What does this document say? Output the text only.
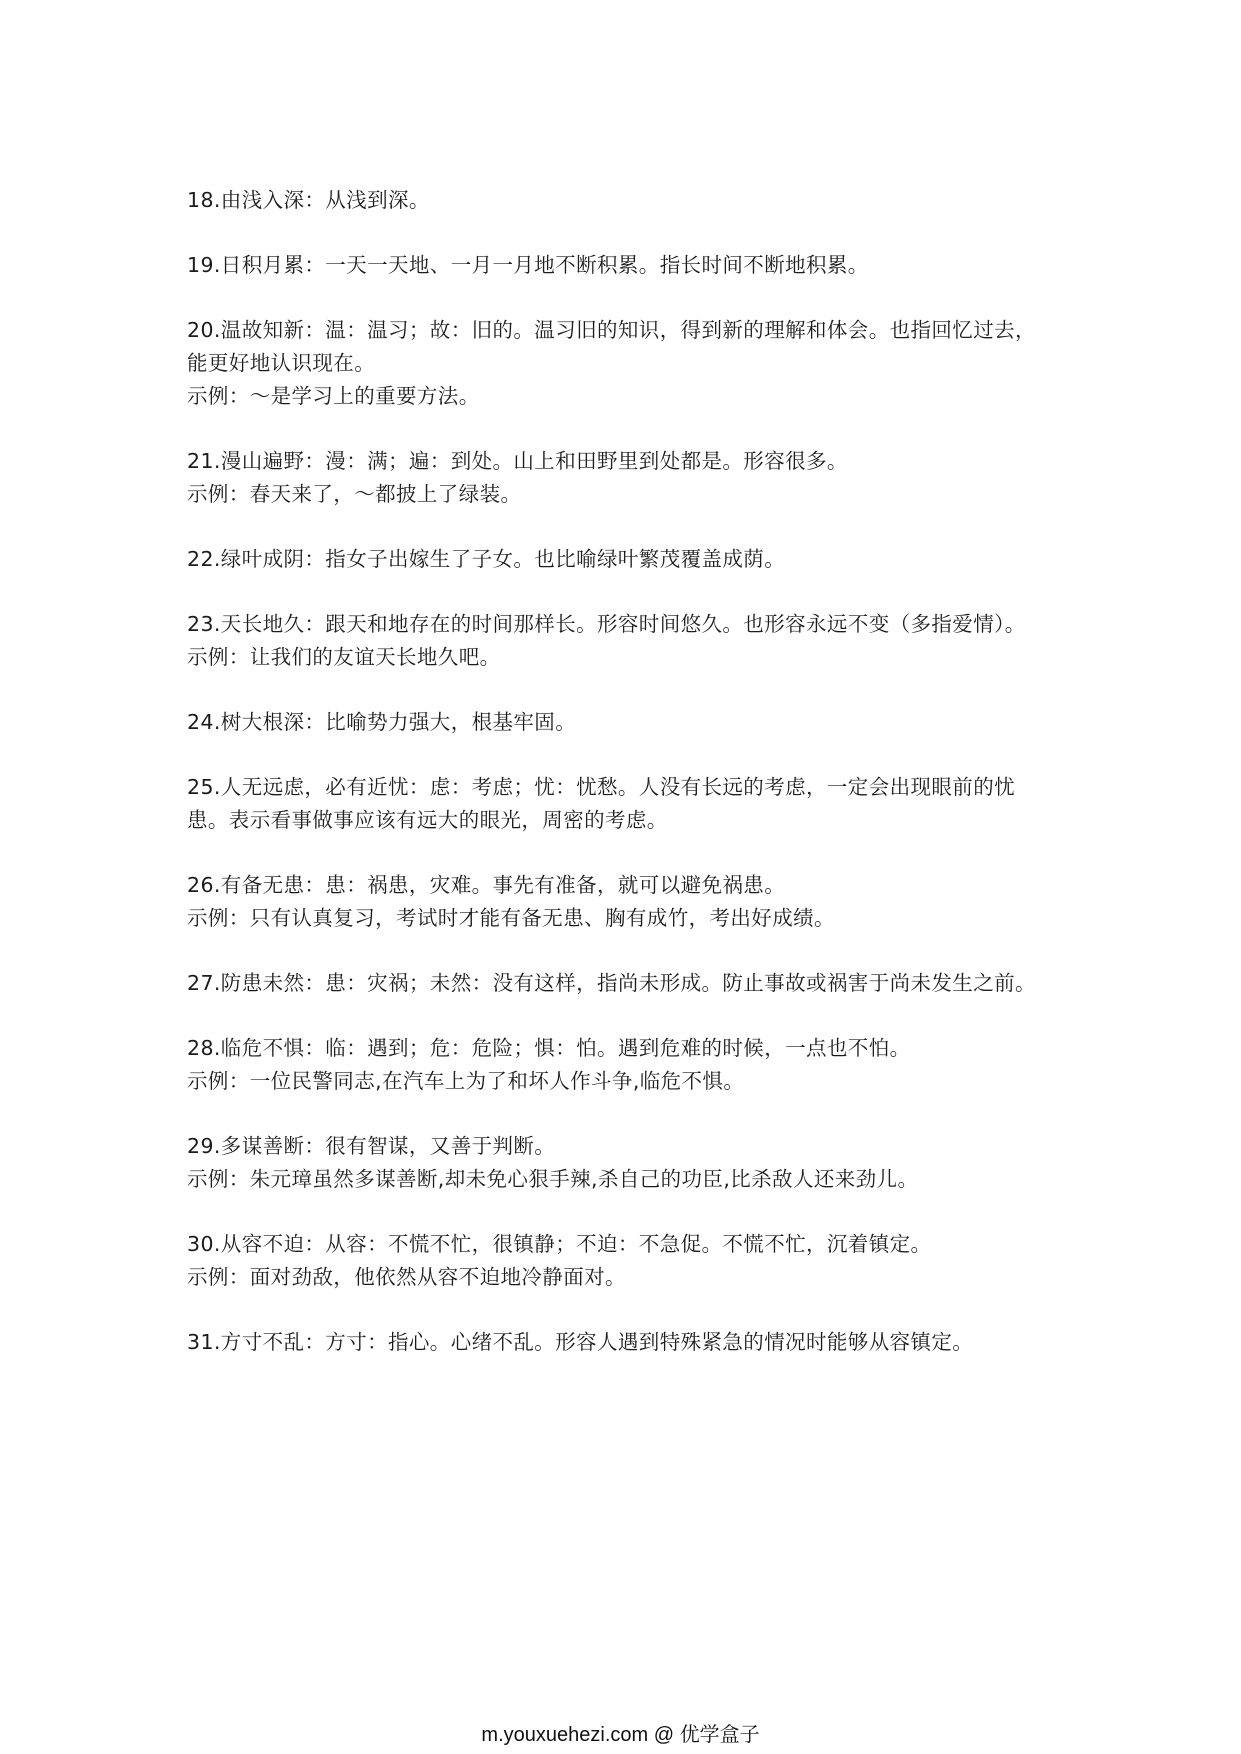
18.由浅入深：从浅到深。
19.日积月累：一天一天地、一月一月地不断积累。指长时间不断地积累。
20.温故知新：温：温习；故：旧的。温习旧的知识，得到新的理解和体会。也指回忆过去，
能更好地认识现在。
示例：～是学习上的重要方法。
21.漫山遍野：漫：满；遍：到处。山上和田野里到处都是。形容很多。
示例：春天来了，～都披上了绿装。
22.绿叶成阴：指女子出嫁生了子女。也比喻绿叶繁茂覆盖成荫。
23.天长地久：跟天和地存在的时间那样长。形容时间悠久。也形容永远不变（多指爱情）。
示例：让我们的友谊天长地久吧。
24.树大根深：比喻势力强大，根基牢固。
25.人无远虑，必有近忧：虑：考虑；忧：忧愁。人没有长远的考虑，一定会出现眼前的忧
患。表示看事做事应该有远大的眼光，周密的考虑。
26.有备无患：患：祸患，灾难。事先有准备，就可以避免祸患。
示例：只有认真复习，考试时才能有备无患、胸有成竹，考出好成绩。
27.防患未然：患：灾祸；未然：没有这样，指尚未形成。防止事故或祸害于尚未发生之前。
28.临危不惧：临：遇到；危：危险；惧：怕。遇到危难的时候，一点也不怕。
示例：一位民警同志,在汽车上为了和坏人作斗争,临危不惧。
29.多谋善断：很有智谋，又善于判断。
示例：朱元璋虽然多谋善断,却未免心狠手辣,杀自己的功臣,比杀敌人还来劲儿。
30.从容不迫：从容：不慌不忙，很镇静；不迫：不急促。不慌不忙，沉着镇定。
示例：面对劲敌，他依然从容不迫地冷静面对。
31.方寸不乱：方寸：指心。心绪不乱。形容人遇到特殊紧急的情况时能够从容镇定。
m.youxuehezi.com @ 优学盒子
